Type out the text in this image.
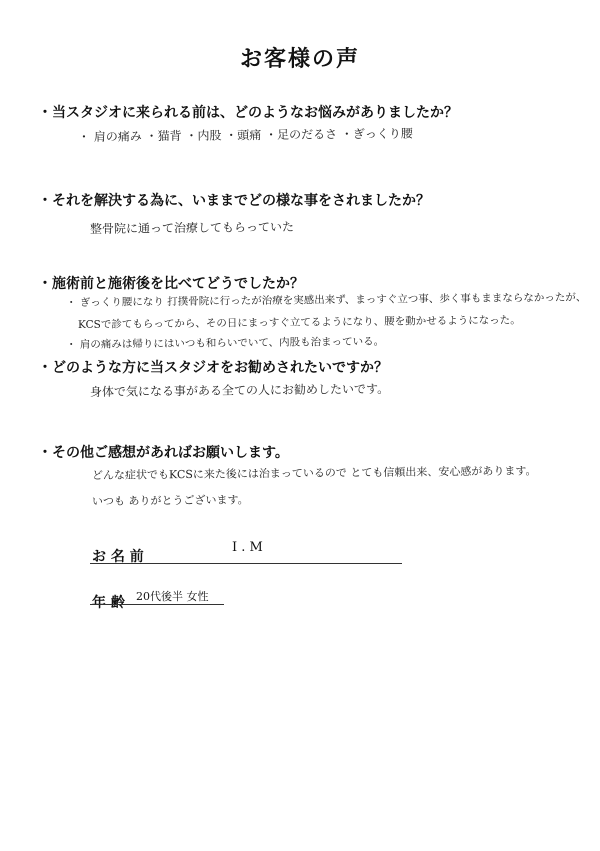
お客様の声
・当スタジオに来られる前は、どのようなお悩みがありましたか？
・ 肩の痛み ・猫背 ・内股 ・頭痛 ・足のだるさ ・ぎっくり腰
・それを解決する為に、いままでどの様な事をされましたか？
整骨院に通って治療してもらっていた
・施術前と施術後を比べてどうでしたか？
・ ぎっくり腰になり 打撲骨院に行ったが治療を実感出来ず、まっすぐ立つ事、歩く事もままならなかったが、
KCSで診てもらってから、その日にまっすぐ立てるようになり、腰を動かせるようになった。
・ 肩の痛みは帰りにはいつも和らいでいて、内股も治まっている。
・どのような方に当スタジオをお勧めされたいですか？
身体で気になる事がある全ての人にお勧めしたいです。
・その他ご感想があればお願いします。
どんな症状でもKCSに来た後には治まっているので とても信頼出来、安心感があります。
いつも ありがとうございます。
お 名 前
I . M
年 齢 20代後半 女性
